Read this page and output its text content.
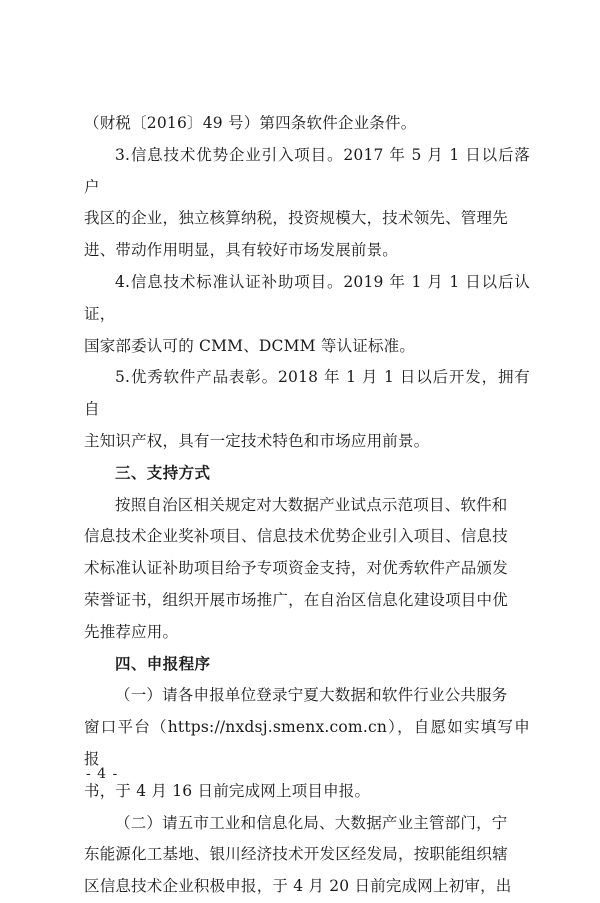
（财税〔2016〕49 号）第四条软件企业条件。

3.信息技术优势企业引入项目。2017 年 5 月 1 日以后落户
我区的企业，独立核算纳税，投资规模大，技术领先、管理先
进、带动作用明显，具有较好市场发展前景。

4.信息技术标准认证补助项目。2019 年 1 月 1 日以后认证，
国家部委认可的 CMM、DCMM 等认证标准。

5.优秀软件产品表彰。2018 年 1 月 1 日以后开发，拥有自
主知识产权，具有一定技术特色和市场应用前景。

三、支持方式

按照自治区相关规定对大数据产业试点示范项目、软件和
信息技术企业奖补项目、信息技术优势企业引入项目、信息技
术标准认证补助项目给予专项资金支持，对优秀软件产品颁发
荣誉证书，组织开展市场推广，在自治区信息化建设项目中优
先推荐应用。

四、申报程序

（一）请各申报单位登录宁夏大数据和软件行业公共服务
窗口平台（https://nxdsj.smenx.com.cn），自愿如实填写申报
书，于 4 月 16 日前完成网上项目申报。

（二）请五市工业和信息化局、大数据产业主管部门，宁
东能源化工基地、银川经济技术开发区经发局，按职能组织辖
区信息技术企业积极申报，于 4 月 20 日前完成网上初审，出

- 4 -
